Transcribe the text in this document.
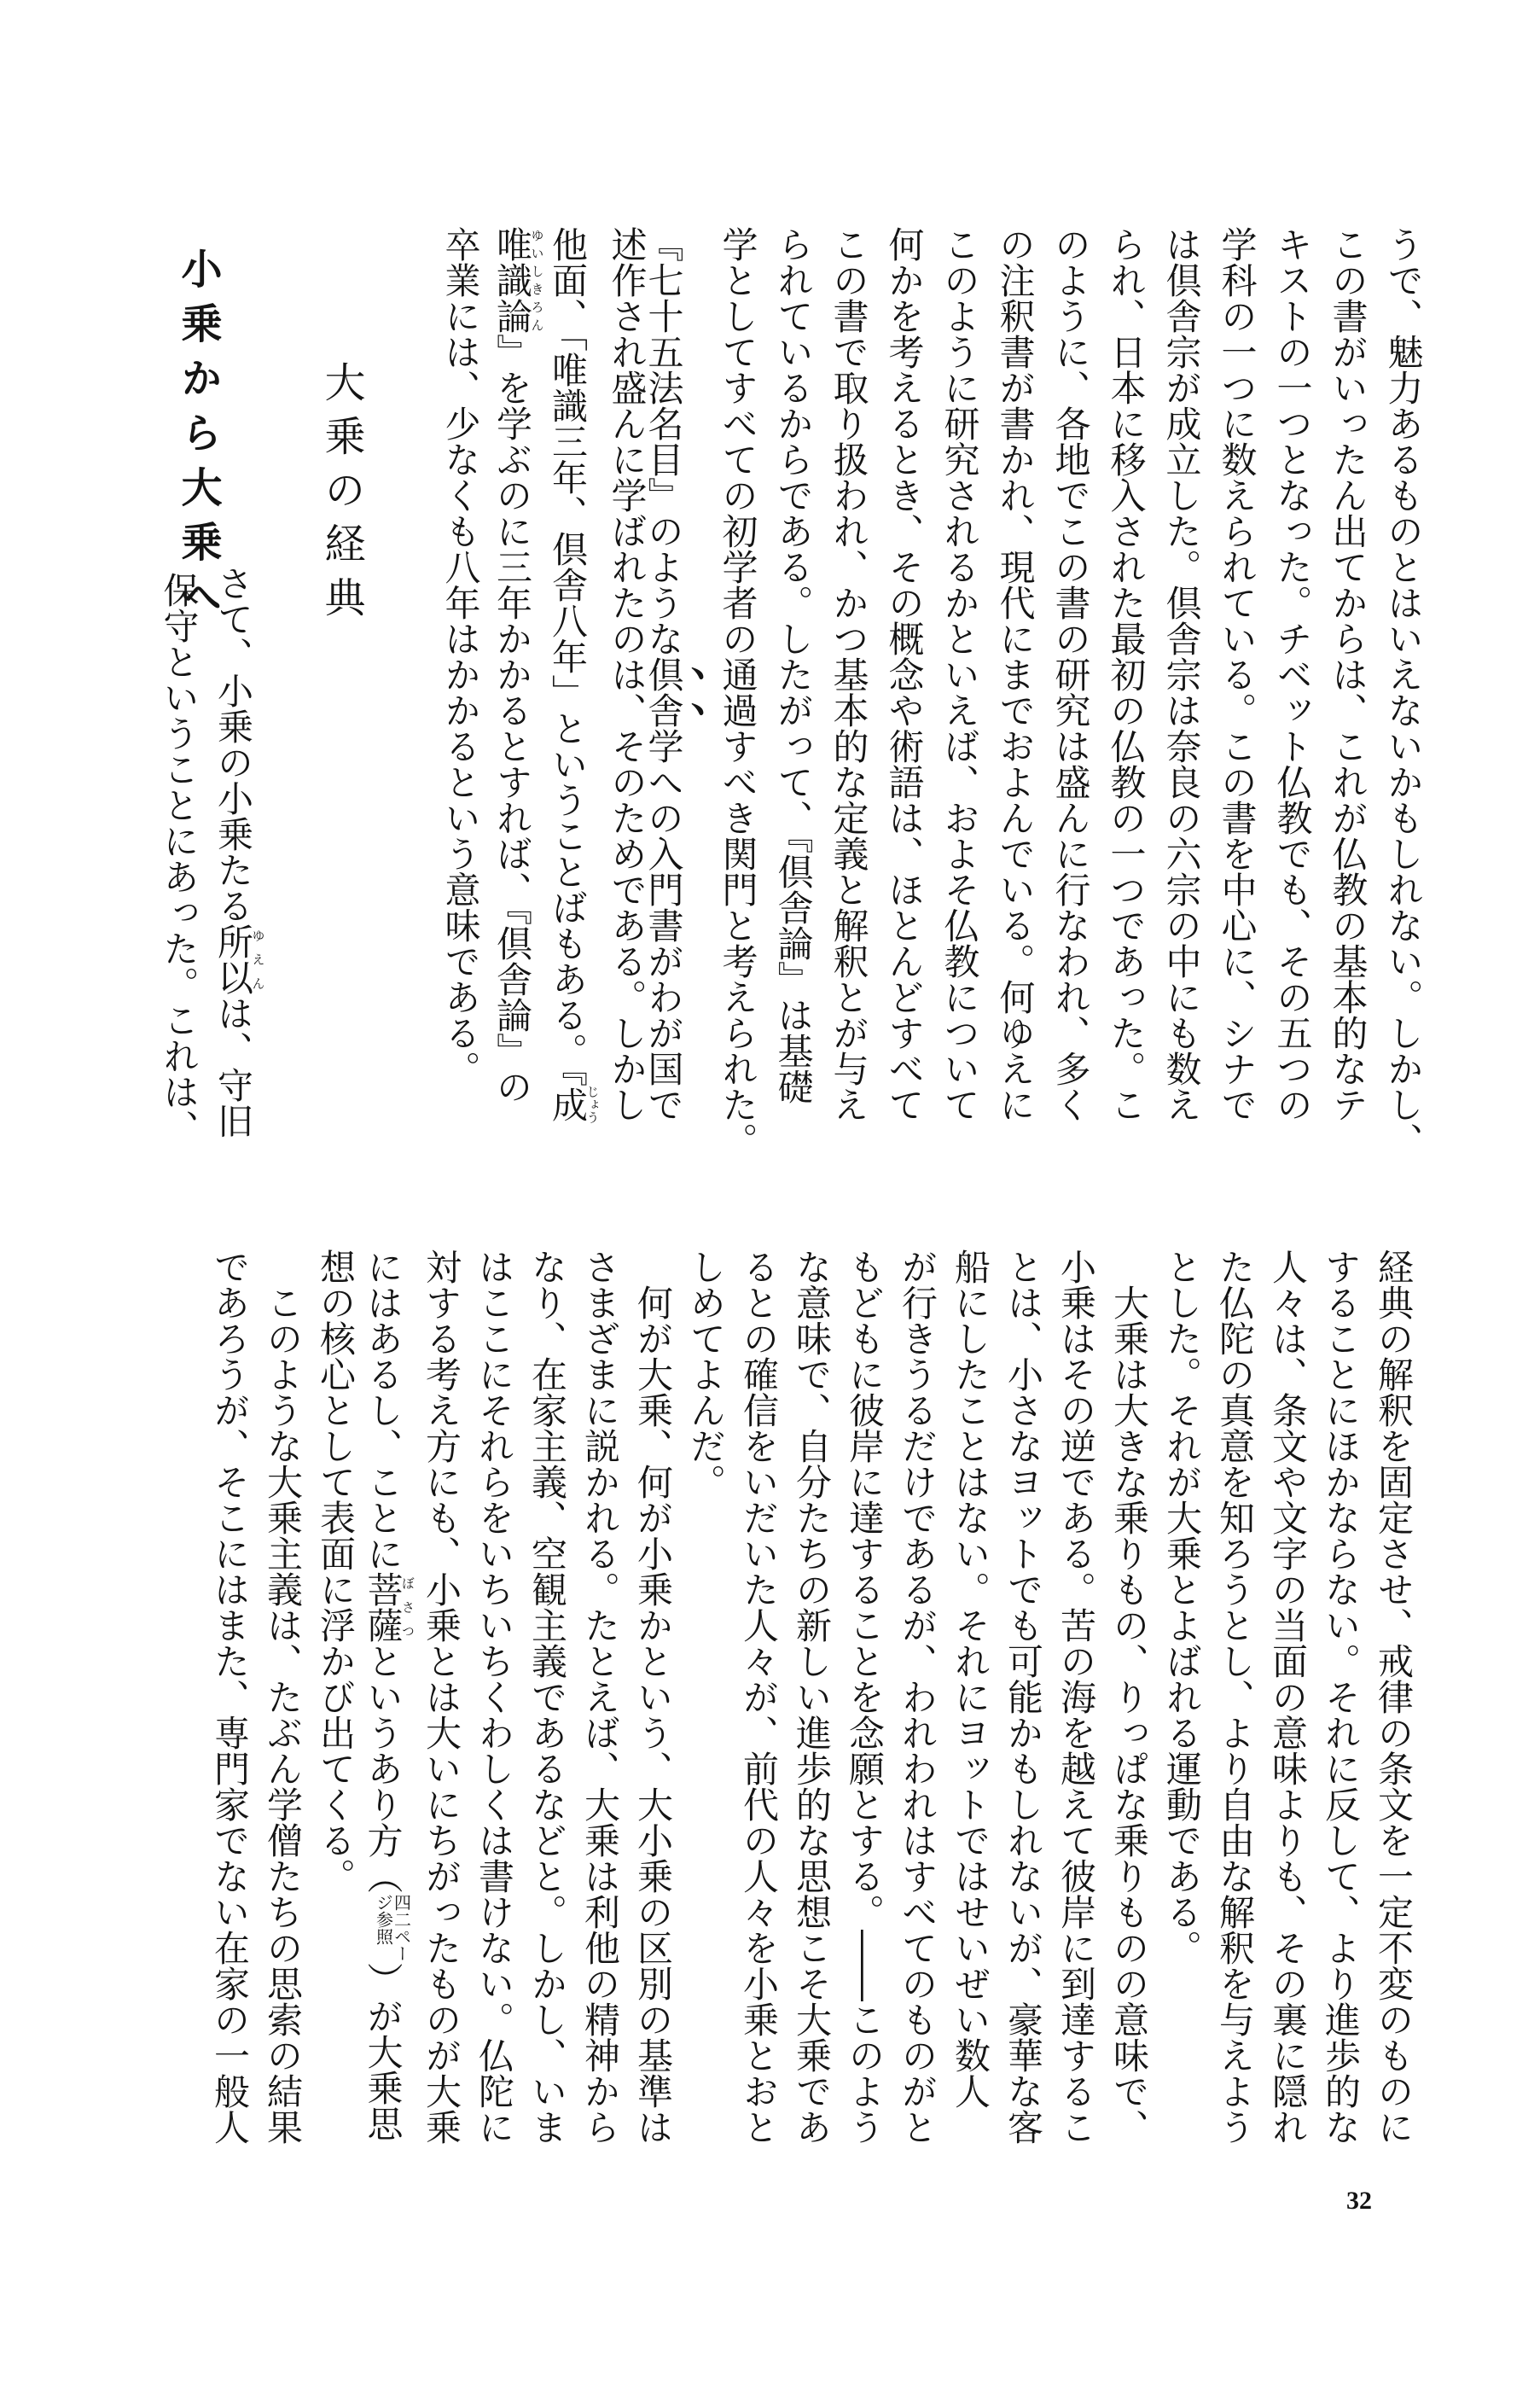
小乗から大乗へ 大乗の経典	うで、魅力あるものとはいえないかもしれない。しかし、
この書がいったん出てからは、これが仏教の基本的なテ
キストの一つとなった。チベット仏教でも、その五つの
学科の一つに数えられている。この書を中心に、シナで
は倶舎宗が成立した。倶舎宗は奈良の六宗の中にも数え
られ、日本に移入された最初の仏教の一つであった。こ
のように、各地でこの書の研究は盛んに行なわれ、多く
の注釈書が書かれ、現代にまでおよんでいる。何ゆえに
このように研究されるかといえば、およそ仏教について
何かを考えるとき、その概念や術語は、ほとんどすべて
この書で取り扱われ、かつ基本的な定義と解釈とが与え
られているからである。したがって、『倶舎論』は基礎
学としてすべての初学者の通過すべき関門と考えられた。
『七十五法名目』のような倶舎学への入門書がわが国で
述作され盛んに学ばれたのは、そのためである。しかし
他面、「唯識三年、倶舎八年」ということばもある。『成じょう
唯識論ゆいしきろん』を学ぶのに三年かかるとすれば、『倶舎論』の
卒業には、少なくも八年はかかるという意味である。
　さて、小乗の小乗たる所以ゆえんは、守旧
保守ということにあった。これは、
経典の解釈を固定させ、戒律の条文を一定不変のものに
することにほかならない。それに反して、より進歩的な
人々は、条文や文字の当面の意味よりも、その裏に隠れ
た仏陀の真意を知ろうとし、より自由な解釈を与えよう
とした。それが大乗とよばれる運動である。
　大乗は大きな乗りもの、りっぱな乗りものの意味で、
小乗はその逆である。苦の海を越えて彼岸に到達するこ
とは、小さなヨットでも可能かもしれないが、豪華な客
船にしたことはない。それにヨットではせいぜい数人
が行きうるだけであるが、われわれはすべてのものがと
もどもに彼岸に達することを念願とする。――このよう
な意味で、自分たちの新しい進歩的な思想こそ大乗であ
るとの確信をいだいた人々が、前代の人々を小乗とおと
しめてよんだ。
　何が大乗、何が小乗かという、大小乗の区別の基準は
さまざまに説かれる。たとえば、大乗は利他の精神から
なり、在家主義、空観主義であるなどと。しかし、いま
はここにそれらをいちいちくわしくは書けない。仏陀に
対する考え方にも、小乗とは大いにちがったものが大乗
にはあるし、ことに菩薩ぼさつというあり方（
四二ペー
ジ参照
）が大乗思
想の核心として表面に浮かび出てくる。
　このような大乗主義は、たぶん学僧たちの思索の結果
であろうが、そこにはまた、専門家でない在家の一般人
32
